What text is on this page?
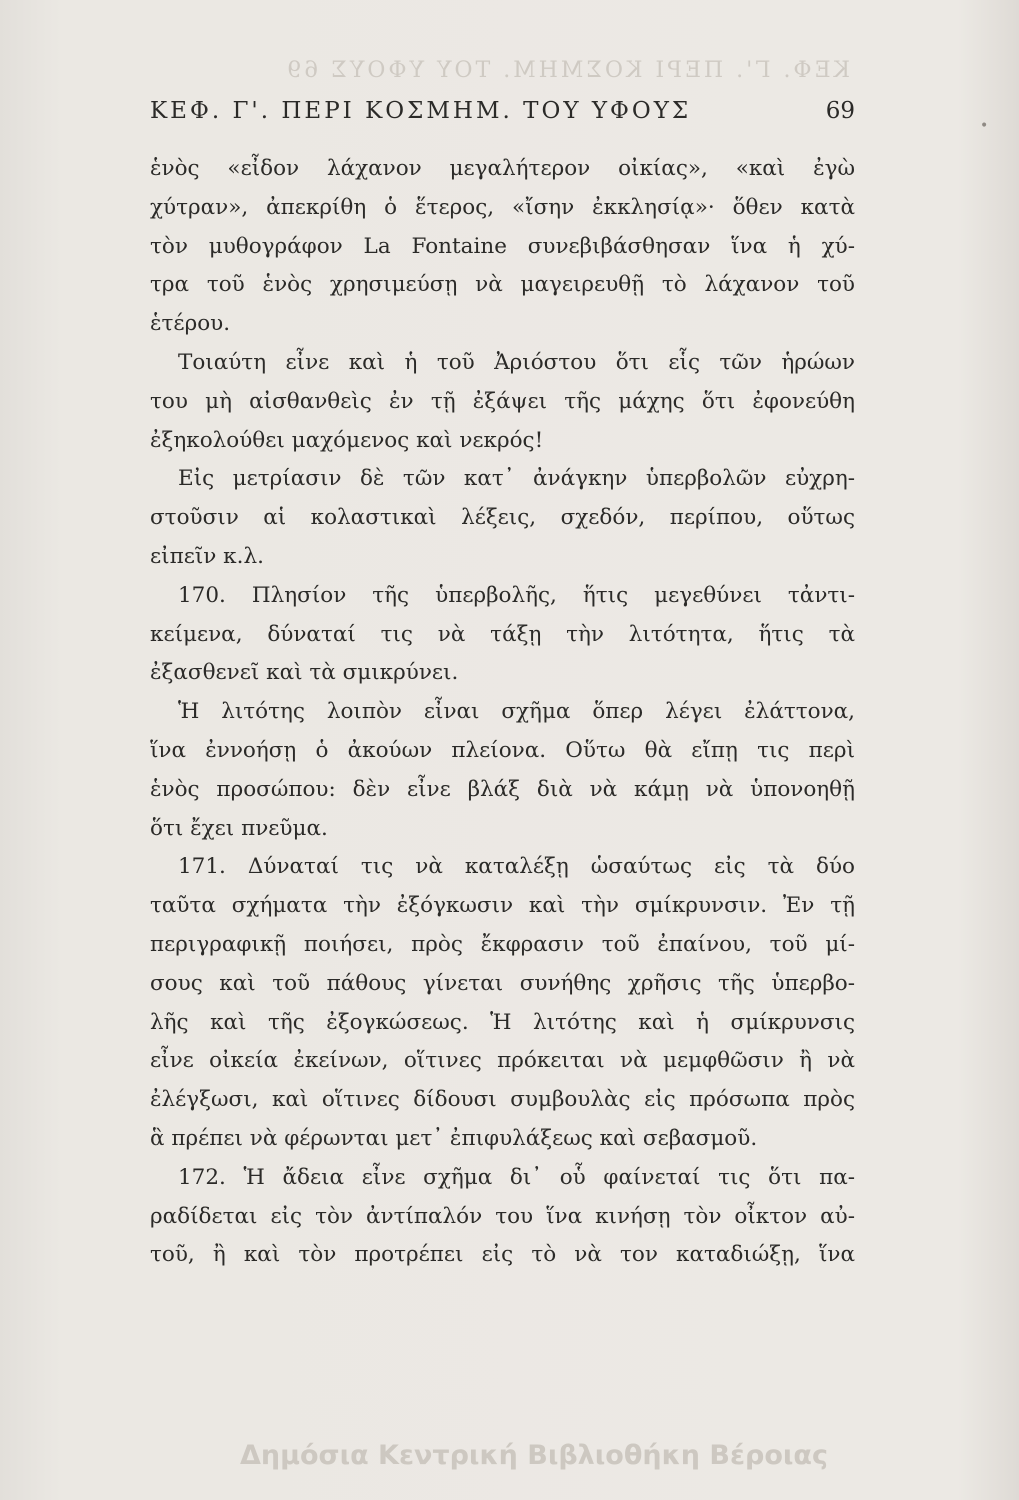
ΚΕΦ. Γ'. ΠΕΡΙ ΚΟΣΜΗΜ. ΤΟΥ ΥΦΟΥΣ 69
•
ΚΕΦ. Γ'. ΠΕΡΙ ΚΟΣΜΗΜ. ΤΟΥ ΥΦΟΥΣ	69
ἑνὸς «εἶδον λάχανον μεγαλήτερον οἰκίας», «καὶ ἐγὼ
χύτραν», ἀπεκρίθη ὁ ἕτερος, «ἴσην ἐκκλησίᾳ»· ὅθεν κατὰ
τὸν μυθογράφον La Fontaine συνεβιβάσθησαν ἵνα ἡ χύ-
τρα τοῦ ἑνὸς χρησιμεύσῃ νὰ μαγειρευθῇ τὸ λάχανον τοῦ
ἑτέρου.
Τοιαύτη εἶνε καὶ ἡ τοῦ Ἀριόστου ὅτι εἷς τῶν ἡρώων
του μὴ αἰσθανθεὶς ἐν τῇ ἐξάψει τῆς μάχης ὅτι ἐφονεύθη
ἐξηκολούθει μαχόμενος καὶ νεκρός!
Εἰς μετρίασιν δὲ τῶν κατ᾽ ἀνάγκην ὑπερβολῶν εὐχρη-
στοῦσιν αἱ κολαστικαὶ λέξεις, σχεδόν, περίπου, οὕτως
εἰπεῖν κ.λ.
170. Πλησίον τῆς ὑπερβολῆς, ἥτις μεγεθύνει τἀντι-
κείμενα, δύναταί τις νὰ τάξῃ τὴν λιτότητα, ἥτις τὰ
ἐξασθενεῖ καὶ τὰ σμικρύνει.
Ἡ λιτότης λοιπὸν εἶναι σχῆμα ὅπερ λέγει ἐλάττονα,
ἵνα ἐννοήσῃ ὁ ἀκούων πλείονα. Οὕτω θὰ εἴπῃ τις περὶ
ἑνὸς προσώπου: δὲν εἶνε βλάξ διὰ νὰ κάμῃ νὰ ὑπονοηθῇ
ὅτι ἔχει πνεῦμα.
171. Δύναταί τις νὰ καταλέξῃ ὡσαύτως εἰς τὰ δύο
ταῦτα σχήματα τὴν ἐξόγκωσιν καὶ τὴν σμίκρυνσιν. Ἐν τῇ
περιγραφικῇ ποιήσει, πρὸς ἔκφρασιν τοῦ ἐπαίνου, τοῦ μί-
σους καὶ τοῦ πάθους γίνεται συνήθης χρῆσις τῆς ὑπερβο-
λῆς καὶ τῆς ἐξογκώσεως. Ἡ λιτότης καὶ ἡ σμίκρυνσις
εἶνε οἰκεία ἐκείνων, οἵτινες πρόκειται νὰ μεμφθῶσιν ἢ νὰ
ἐλέγξωσι, καὶ οἵτινες δίδουσι συμβουλὰς εἰς πρόσωπα πρὸς
ἃ πρέπει νὰ φέρωνται μετ᾽ ἐπιφυλάξεως καὶ σεβασμοῦ.
172. Ἡ ἄδεια εἶνε σχῆμα δι᾽ οὗ φαίνεταί τις ὅτι πα-
ραδίδεται εἰς τὸν ἀντίπαλόν του ἵνα κινήσῃ τὸν οἶκτον αὐ-
τοῦ, ἢ καὶ τὸν προτρέπει εἰς τὸ νὰ τον καταδιώξῃ, ἵνα
Δημόσια Κεντρική Βιβλιοθήκη Βέροιας
